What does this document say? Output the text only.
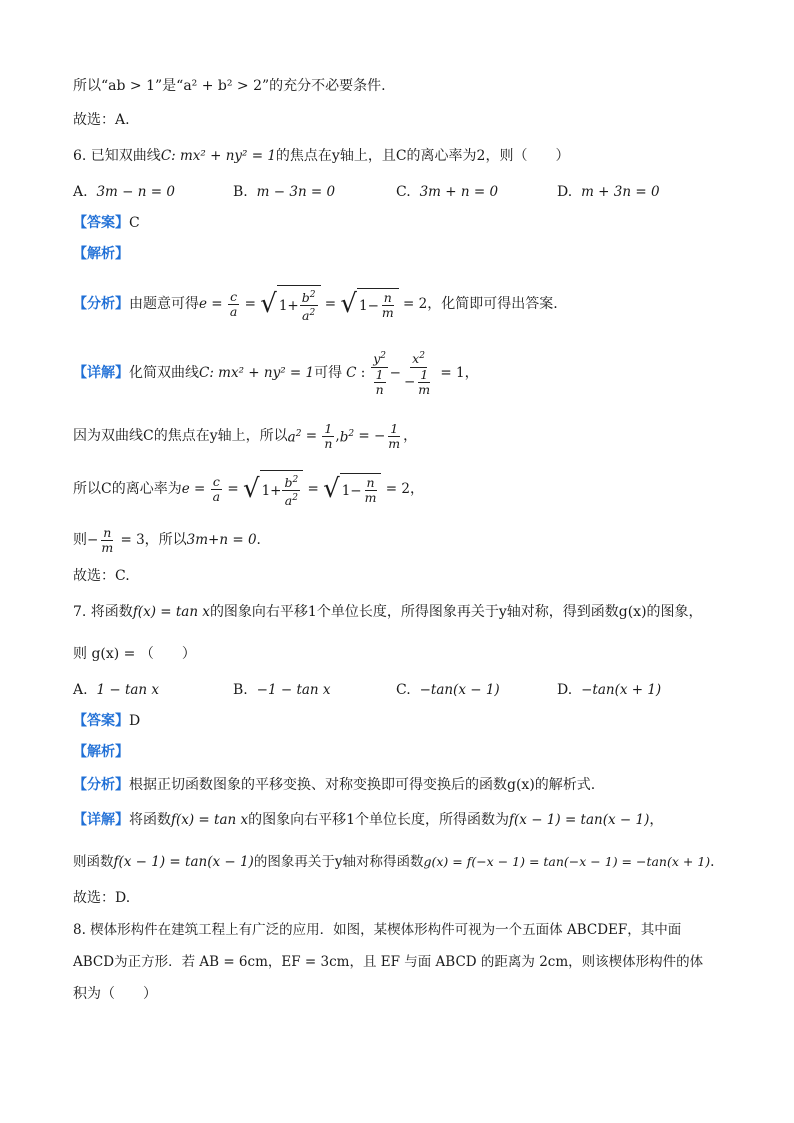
所以“ab > 1”是“a² + b² > 2”的充分不必要条件.
故选：A.
6. 已知双曲线C: mx² + ny² = 1的焦点在y轴上，且C的离心率为2，则（　　）
A. 3m − n = 0	B. m − 3n = 0	C. 3m + n = 0	D. m + 3n = 0
【答案】C
【解析】
【分析】 由题意可得 $e = \frac{c}{a}$ = √ $1+ \frac{b^2}{a^2}$ = √ $1- \frac{n}{m} = 2$ ，化简即可得出答案.
【详解】 化简双曲线 C: mx² + ny² = 1 可得 C : $\frac{y^2}{\frac{1}{n}} - \frac{x^2}{- \frac{1}{m}} = 1$ ，
因为双曲线C的焦点在y轴上，所以 $a^2 = \frac{1}{n}$ , $b^2$ = − $\frac{1}{m}$ ，
所以C的离心率为 $e = \frac{c}{a}$ = √ $1+ \frac{b^2}{a^2}$ = √ $1- \frac{n}{m} = 2$ ，
则 − $\frac{n}{m} = 3$ ，所以 3m+n = 0 .
故选：C.
7. 将函数f(x) = tan x的图象向右平移1个单位长度，所得图象再关于y轴对称，得到函数g(x)的图象，
则 g(x) = （　　）
A. 1 − tan x	B. −1 − tan x	C. −tan(x − 1)	D. −tan(x + 1)
【答案】D
【解析】
【分析】根据正切函数图象的平移变换、对称变换即可得变换后的函数g(x)的解析式.
【详解】将函数f(x) = tan x的图象向右平移1个单位长度，所得函数为f(x − 1) = tan(x − 1)，
则函数f(x − 1) = tan(x − 1)的图象再关于y轴对称得函数g(x) = f(−x − 1) = tan(−x − 1) = −tan(x + 1).
故选：D.
8. 楔体形构件在建筑工程上有广泛的应用．如图，某楔体形构件可视为一个五面体 ABCDEF，其中面
ABCD为正方形．若 AB = 6cm，EF = 3cm，且 EF 与面 ABCD 的距离为 2cm，则该楔体形构件的体
积为（　　）
